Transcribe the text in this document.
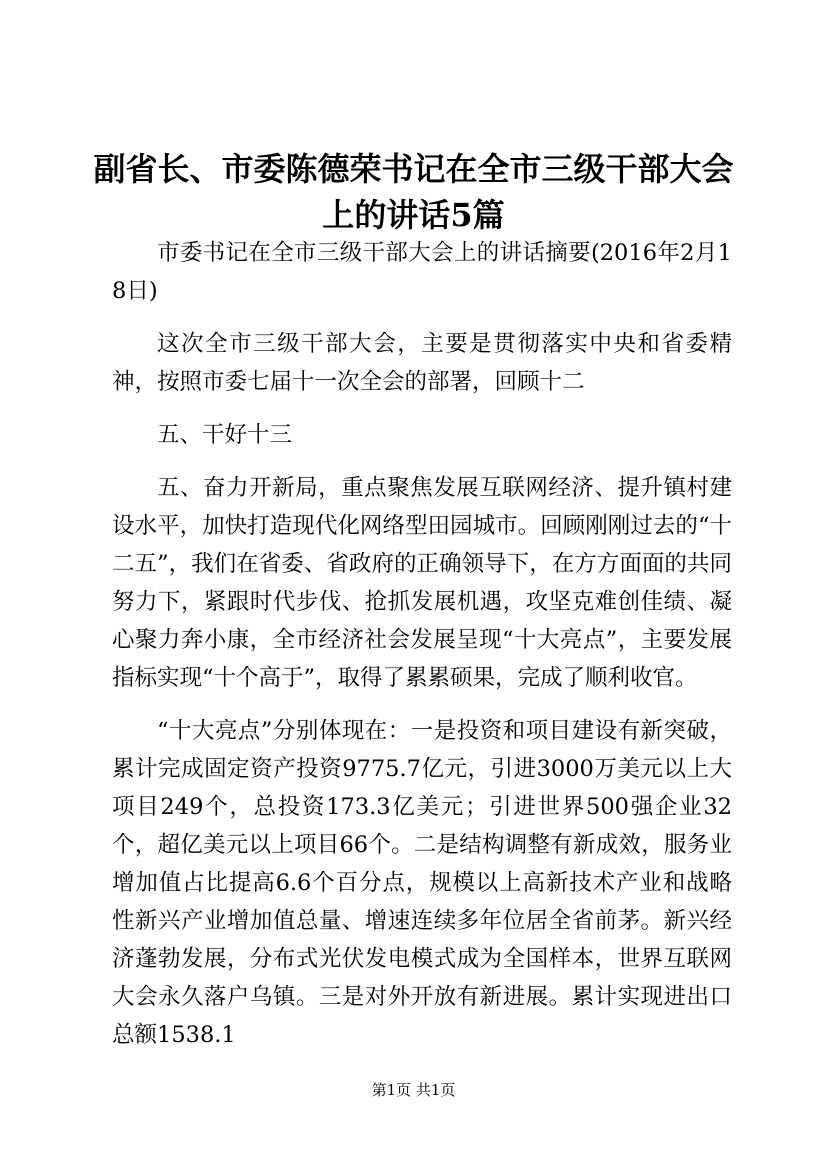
副省长、市委陈德荣书记在全市三级干部大会
上的讲话5篇

市委书记在全市三级干部大会上的讲话摘要(2016年2月18日)

这次全市三级干部大会，主要是贯彻落实中央和省委精神，按照市委七届十一次全会的部署，回顾十二

五、干好十三

五、奋力开新局，重点聚焦发展互联网经济、提升镇村建设水平，加快打造现代化网络型田园城市。回顾刚刚过去的“十二五”，我们在省委、省政府的正确领导下，在方方面面的共同努力下，紧跟时代步伐、抢抓发展机遇，攻坚克难创佳绩、凝心聚力奔小康，全市经济社会发展呈现“十大亮点”，主要发展指标实现“十个高于”，取得了累累硕果，完成了顺利收官。

“十大亮点”分别体现在：一是投资和项目建设有新突破，累计完成固定资产投资9775.7亿元，引进3000万美元以上大项目249个，总投资173.3亿美元；引进世界500强企业32个，超亿美元以上项目66个。二是结构调整有新成效，服务业增加值占比提高6.6个百分点，规模以上高新技术产业和战略性新兴产业增加值总量、增速连续多年位居全省前茅。新兴经济蓬勃发展，分布式光伏发电模式成为全国样本，世界互联网大会永久落户乌镇。三是对外开放有新进展。累计实现进出口总额1538.1

第1页 共1页
